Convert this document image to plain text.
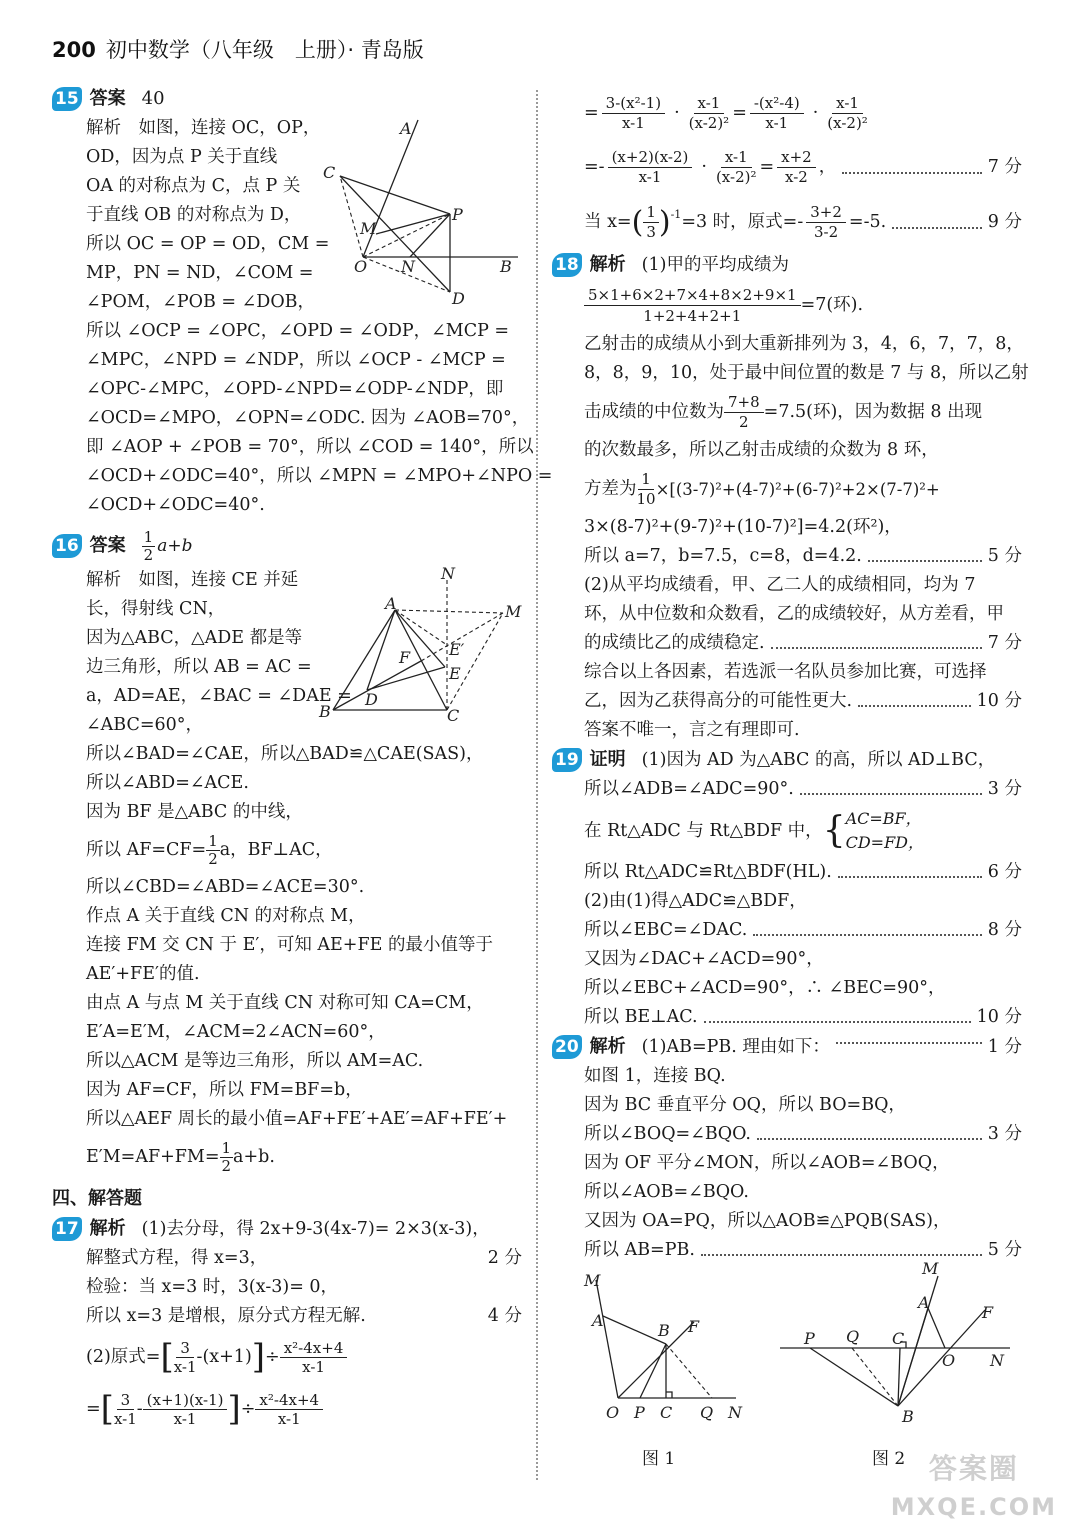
200 初中数学（八年级　上册）· 青岛版
15 答案 40
解析　如图，连接 OC，OP，
OD，因为点 P 关于直线
OA 的对称点为 C，点 P 关
于直线 OB 的对称点为 D，
所以 OC = OP = OD，CM =
MP，PN = ND，∠COM =
∠POM，∠POB = ∠DOB，
所以 ∠OCP = ∠OPC，∠OPD = ∠ODP，∠MCP =
∠MPC，∠NPD = ∠NDP，所以 ∠OCP - ∠MCP =
∠OPC-∠MPC，∠OPD-∠NPD=∠ODP-∠NDP，即
∠OCD=∠MPO，∠OPN=∠ODC. 因为 ∠AOB=70°，
即 ∠AOP + ∠POB = 70°，所以 ∠COD = 140°，所以
∠OCD+∠ODC=40°，所以 ∠MPN = ∠MPO+∠NPO =
∠OCD+∠ODC=40°.
16 答案 $\frac{1}{2} a+b$
解析　如图，连接 CE 并延
长，得射线 CN，
因为△ABC，△ADE 都是等
边三角形，所以 AB = AC =
a，AD=AE，∠BAC = ∠DAE =
∠ABC=60°，
所以∠BAD=∠CAE，所以△BAD≌△CAE(SAS)，
所以∠ABD=∠ACE.
因为 BF 是△ABC 的中线，
所以 $AF=CF= \frac{1}{2}$ a，BF⊥AC，
所以∠CBD=∠ABD=∠ACE=30°.
作点 A 关于直线 CN 的对称点 M，
连接 FM 交 CN 于 E′，可知 AE+FE 的最小值等于
AE′+FE′的值.
由点 A 与点 M 关于直线 CN 对称可知 CA=CM，
E′A=E′M，∠ACM=2∠ACN=60°，
所以△ACM 是等边三角形，所以 AM=AC.
因为 AF=CF，所以 FM=BF=b，
所以△AEF 周长的最小值=AF+FE′+AE′=AF+FE′+
$E'M=AF+FM= \frac{1}{2} a+b$.
四、解答题
17 解析 (1)去分母，得 2x+9-3(4x-7)= 2×3(x-3)，
解整式方程，得 x=3，	2 分
检验：当 x=3 时，3(x-3)= 0，
所以 x=3 是增根，原分式方程无解.	4 分
(2)原式= [ $\frac{3}{x-1} -(x+1)$ ] ÷ $\frac{\text{x²-4x+4}}{x-1}$
= [ $\frac{3}{x-1} - \frac{(x+1)(x-1)}{x-1}$ ] ÷ $\frac{\text{x²-4x+4}}{x-1}$
A
C
M
P
O N	B
D
N
A	M
E′
F
E
D
B	C
= $\frac{\text{3-(x²-1)}}{x-1} \cdot \frac{x-1}{\text{(x-2)²}} = \frac{\text{-(x²-4)}}{x-1} \cdot \frac{x-1}{\text{(x-2)²}}$
=- $\frac{(x+2)(x-2)}{x-1} \cdot \frac{x-1}{\text{(x-2)²}} = \frac{x+2}{x-2}$ ，	7 分
当 x= ( $\frac{1}{3} )^{-1} =3$ 时，原式= - $\frac{3+2}{3-2} =-5$.	9 分
18 解析 (1)甲的平均成绩为
$\frac{5\times 1+6\times 2+7\times 4+8\times 2+9\times 1}{1+2+4+2+1} =7$(环).
乙射击的成绩从小到大重新排列为 3，4，6，7，7，8，
8，8，9，10，处于最中间位置的数是 7 与 8，所以乙射
击成绩的中位数为 $\frac{7+8}{2} =7.5$(环)，因为数据 8 出现
的次数最多，所以乙射击成绩的众数为 8 环，
方差为 $\frac{1}{10} \times[(3-7)^2+(4-7)^2+(6-7)^2+2\times(7-7)^2+$
3×(8-7)²+(9-7)²+(10-7)²]=4.2(环²)，
所以 a=7，b=7.5，c=8，d=4.2.	5 分
(2)从平均成绩看，甲、乙二人的成绩相同，均为 7
环，从中位数和众数看，乙的成绩较好，从方差看，甲
的成绩比乙的成绩稳定.	7 分
综合以上各因素，若选派一名队员参加比赛，可选择
乙，因为乙获得高分的可能性更大.	10 分
答案不唯一，言之有理即可.
19 证明 (1)因为 AD 为△ABC 的高，所以 AD⊥BC，
所以∠ADB=∠ADC=90°.	3 分
在 Rt△ADC 与 Rt△BDF 中， { AC=BF，
CD=FD，
所以 Rt△ADC≌Rt△BDF(HL).	6 分
(2)由(1)得△ADC≌△BDF，
所以∠EBC=∠DAC.	8 分
又因为∠DAC+∠ACD=90°，
所以∠EBC+∠ACD=90°，∴ ∠BEC=90°，
所以 BE⊥AC.	10 分
20 解析 (1)AB=PB. 理由如下：	1 分
如图 1，连接 BQ.
因为 BC 垂直平分 OQ，所以 BO=BQ，
所以∠BOQ=∠BQO.	3 分
因为 OF 平分∠MON，所以∠AOB=∠BOQ，
所以∠AOB=∠BQO.
又因为 OA=PQ，所以△AOB≌△PQB(SAS)，
所以 AB=PB.	5 分
M
A
B F
O P C Q N
M
A
F
P Q C
O N
B
图 1	图 2 答案圈
MXQE.COM
